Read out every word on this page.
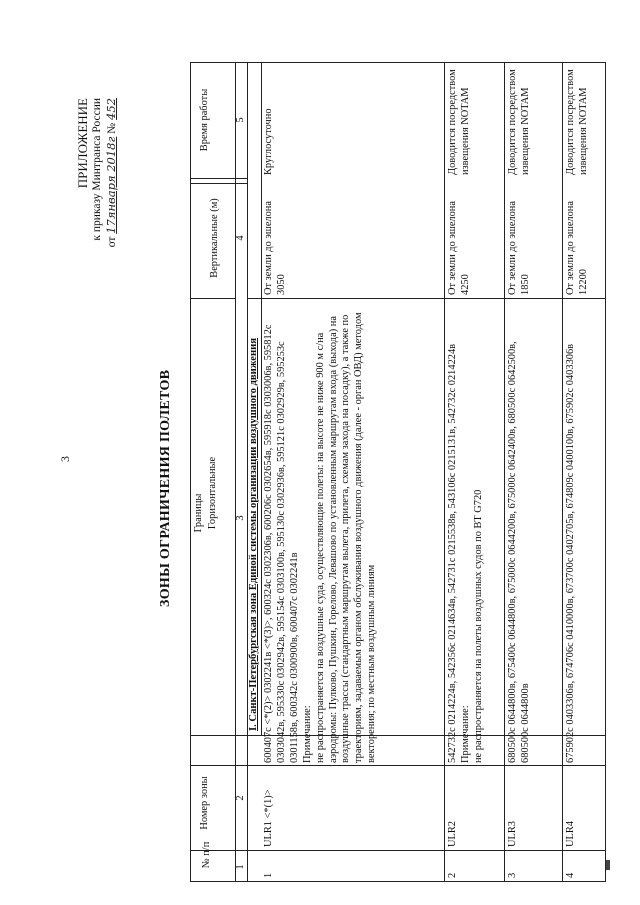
3
ПРИЛОЖЕНИЕ к приказу Минтранса России
от 17января 2018г № 452
ЗОНЫ ОГРАНИЧЕНИЯ ПОЛЕТОВ
№ п/п
Номер зоны
Границы Горизонтальные
Вертикальные (м)
Время работы
1
2
3
4
5
I. Санкт-Петербургская зона Единой системы организации воздушного движения
1
ULR1 <*(1)>
600407с <*(2)> 0302241в <*(3)>, 600324с 0302306в, 600206с 0302654в, 595918с 0303006в, 595812с 0303042в, 595330с 0302942в, 595154с 0303100в, 595130с 0302936в, 595121с 0302929в, 595253с 0301158в, 600342с 0300900в, 600407с 0302241в Примечание: не распространяется на воздушные суда, осуществляющие полеты: на высоте не ниже 900 м с/на аэродромы: Пулково, Пушкин, Горелово, Левашово по установленным маршрутам входа (выхода) на воздушные трассы (стандартным маршрутам вылета, прилета, схемам захода на посадку), а также по траекториям, задаваемым органом обслуживания воздушного движения (далее - орган ОВД) методом векторения; по местным воздушным линиям
От земли до эшелона 3050
Круглосуточно
2
ULR2
542732с 0214224в, 542356с 0214634в, 542731с 0215538в, 543106с 0215131в, 542732с 0214224в Примечание: не распространяется на полеты воздушных судов по ВТ G720
От земли до эшелона 4250
Доводится посредством извещения NOTAM
3
ULR3
680500с 0644800в, 675400с 0644800в, 675000с 0644200в, 675000с 0642400в, 680500с 0642500в, 680500с 0644800в
От земли до эшелона 1850
Доводится посредством извещения NOTAM
4
ULR4
675902с 0403306в, 674706с 0410000в, 673700с 0402705в, 674809с 0400100в, 675902с 0403306в
От земли до эшелона 12200
Доводится посредством извещения NOTAM
